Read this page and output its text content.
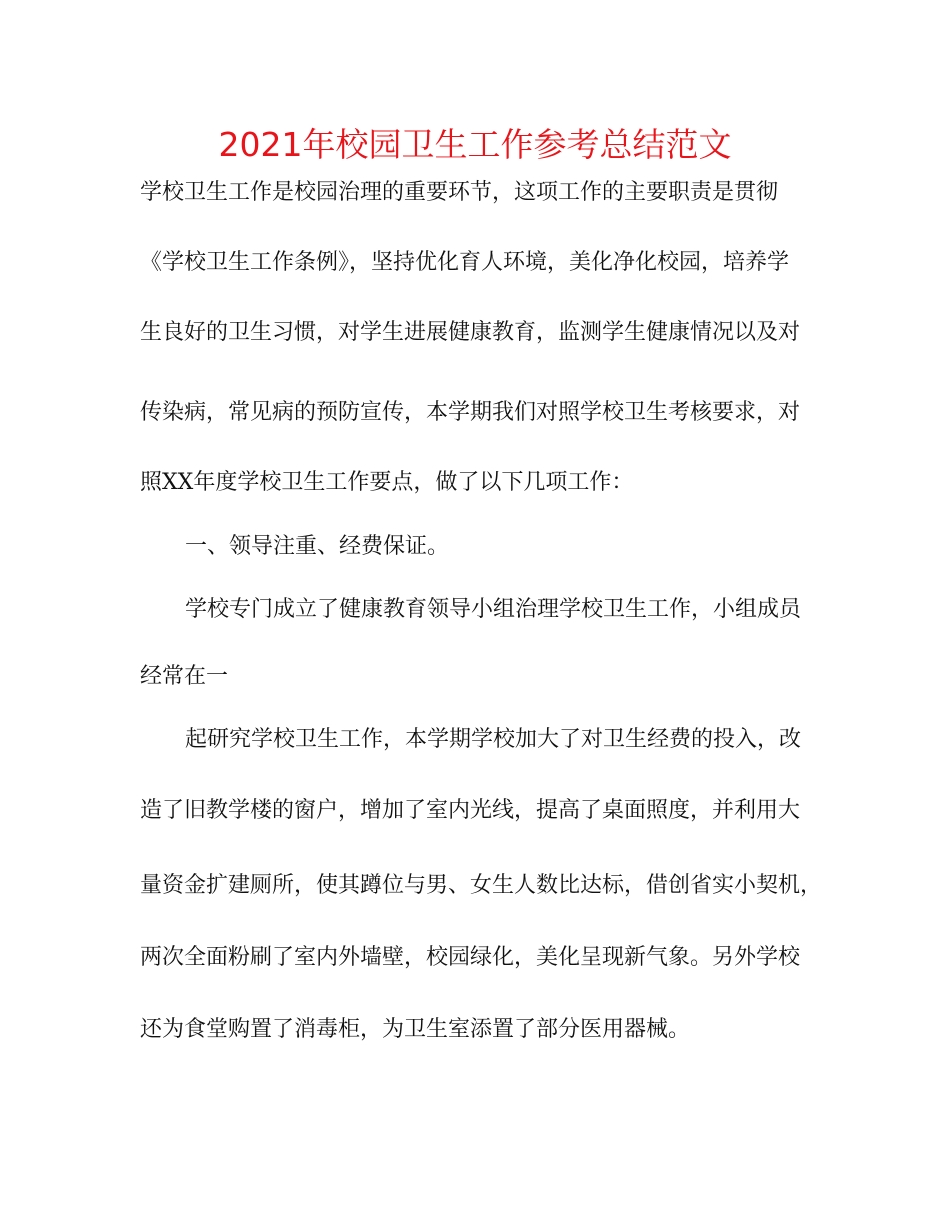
2021年校园卫生工作参考总结范文
学校卫生工作是校园治理的重要环节，这项工作的主要职责是贯彻
《学校卫生工作条例》，坚持优化育人环境，美化净化校园，培养学
生良好的卫生习惯，对学生进展健康教育，监测学生健康情况以及对
传染病，常见病的预防宣传，本学期我们对照学校卫生考核要求，对
照XX年度学校卫生工作要点，做了以下几项工作：
一、领导注重、经费保证。
学校专门成立了健康教育领导小组治理学校卫生工作，小组成员
经常在一
起研究学校卫生工作，本学期学校加大了对卫生经费的投入，改
造了旧教学楼的窗户，增加了室内光线，提高了桌面照度，并利用大
量资金扩建厕所，使其蹲位与男、女生人数比达标，借创省实小契机，
两次全面粉刷了室内外墙壁，校园绿化，美化呈现新气象。另外学校
还为食堂购置了消毒柜，为卫生室添置了部分医用器械。
